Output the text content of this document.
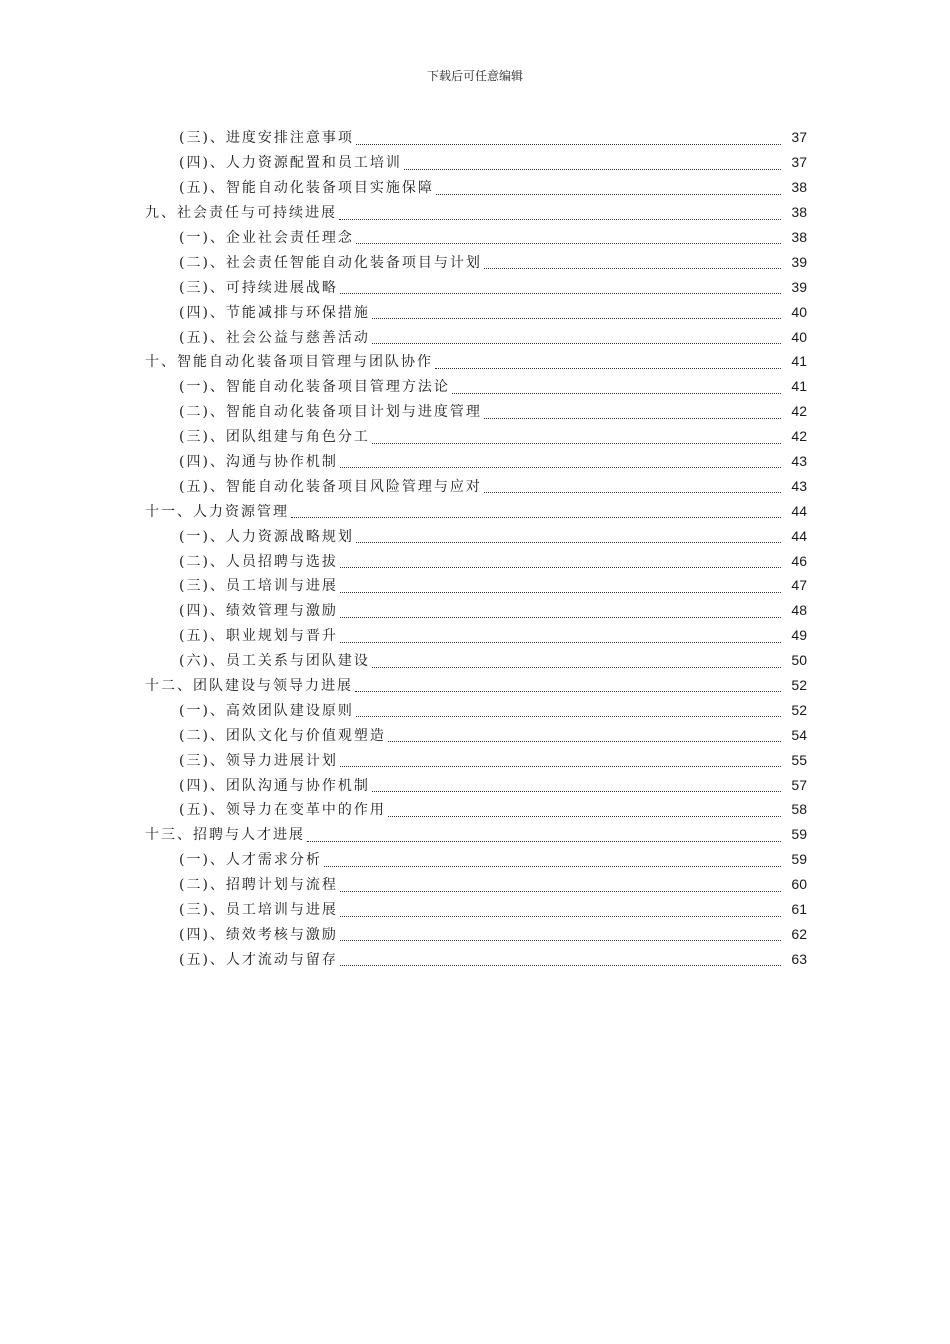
下载后可任意编辑
(三)、进度安排注意事项	37
(四)、人力资源配置和员工培训	37
(五)、智能自动化装备项目实施保障	38
九、社会责任与可持续进展	38
(一)、企业社会责任理念	38
(二)、社会责任智能自动化装备项目与计划	39
(三)、可持续进展战略	39
(四)、节能减排与环保措施	40
(五)、社会公益与慈善活动	40
十、智能自动化装备项目管理与团队协作	41
(一)、智能自动化装备项目管理方法论	41
(二)、智能自动化装备项目计划与进度管理	42
(三)、团队组建与角色分工	42
(四)、沟通与协作机制	43
(五)、智能自动化装备项目风险管理与应对	43
十一、人力资源管理	44
(一)、人力资源战略规划	44
(二)、人员招聘与选拔	46
(三)、员工培训与进展	47
(四)、绩效管理与激励	48
(五)、职业规划与晋升	49
(六)、员工关系与团队建设	50
十二、团队建设与领导力进展	52
(一)、高效团队建设原则	52
(二)、团队文化与价值观塑造	54
(三)、领导力进展计划	55
(四)、团队沟通与协作机制	57
(五)、领导力在变革中的作用	58
十三、招聘与人才进展	59
(一)、人才需求分析	59
(二)、招聘计划与流程	60
(三)、员工培训与进展	61
(四)、绩效考核与激励	62
(五)、人才流动与留存	63
